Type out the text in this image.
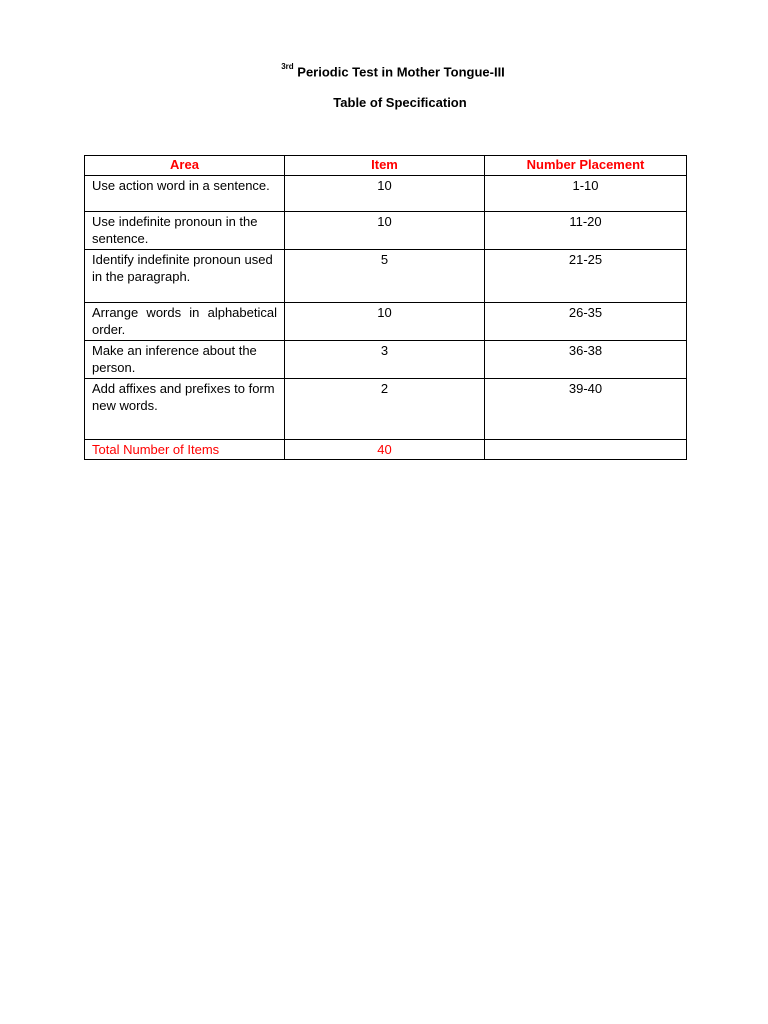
$^{3rd}$ Periodic Test in Mother Tongue-III
Table of Specification
Area	Item	Number Placement
Use action word in a sentence.	10	1-10
Use indefinite pronoun in the sentence.	10	11-20
Identify indefinite pronoun used in the paragraph.	5	21-25
Arrange words in alphabetical order.	10	26-35
Make an inference about the person.	3	36-38
Add affixes and prefixes to form new words.	2	39-40
Total Number of Items	40	
